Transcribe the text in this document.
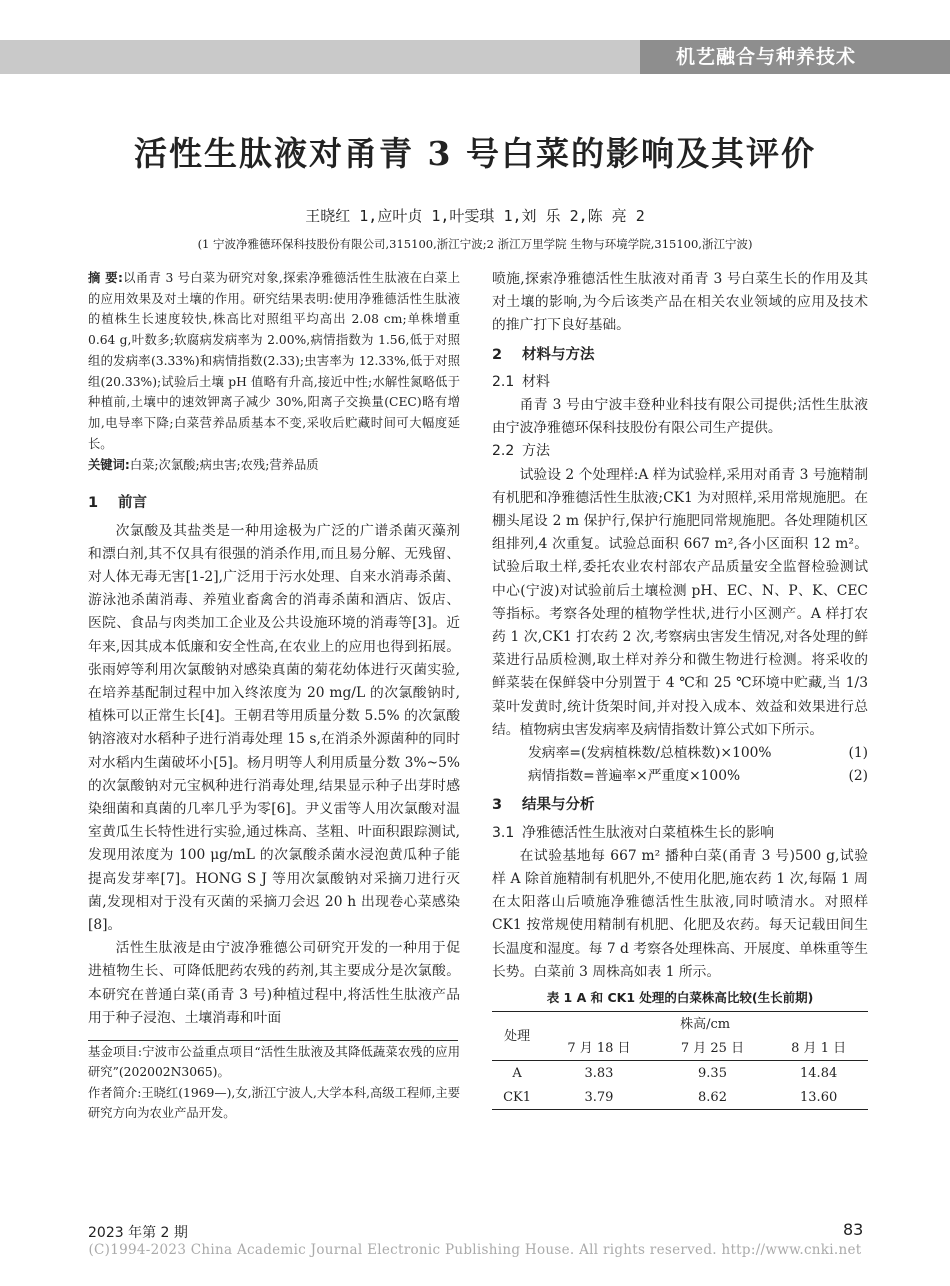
机艺融合与种养技术
活性生肽液对甬青 3 号白菜的影响及其评价
王晓红 1,应叶贞 1,叶雯琪 1,刘 乐 2,陈 亮 2
(1 宁波净雅德环保科技股份有限公司,315100,浙江宁波;2 浙江万里学院 生物与环境学院,315100,浙江宁波)

摘 要:以甬青 3 号白菜为研究对象,探索净雅德活性生肽液在白菜上的应用效果及对土壤的作用。研究结果表明:使用净雅德活性生肽液的植株生长速度较快,株高比对照组平均高出 2.08 cm;单株增重 0.64 g,叶数多;软腐病发病率为 2.00%,病情指数为 1.56,低于对照组的发病率(3.33%)和病情指数(2.33);虫害率为 12.33%,低于对照组(20.33%);试验后土壤 pH 值略有升高,接近中性;水解性氮略低于种植前,土壤中的速效钾离子减少 30%,阳离子交换量(CEC)略有增加,电导率下降;白菜营养品质基本不变,采收后贮藏时间可大幅度延长。

关键词:白菜;次氯酸;病虫害;农残;营养品质

1 前言

次氯酸及其盐类是一种用途极为广泛的广谱杀菌灭藻剂和漂白剂,其不仅具有很强的消杀作用,而且易分解、无残留、对人体无毒无害[1-2],广泛用于污水处理、自来水消毒杀菌、游泳池杀菌消毒、养殖业畜禽舍的消毒杀菌和酒店、饭店、医院、食品与肉类加工企业及公共设施环境的消毒等[3]。近年来,因其成本低廉和安全性高,在农业上的应用也得到拓展。张雨婷等利用次氯酸钠对感染真菌的菊花幼体进行灭菌实验,在培养基配制过程中加入终浓度为 20 mg/L 的次氯酸钠时,植株可以正常生长[4]。王朝君等用质量分数 5.5% 的次氯酸钠溶液对水稻种子进行消毒处理 15 s,在消杀外源菌种的同时对水稻内生菌破坏小[5]。杨月明等人利用质量分数 3%~5% 的次氯酸钠对元宝枫种进行消毒处理,结果显示种子出芽时感染细菌和真菌的几率几乎为零[6]。尹义雷等人用次氯酸对温室黄瓜生长特性进行实验,通过株高、茎粗、叶面积跟踪测试,发现用浓度为 100 μg/mL 的次氯酸杀菌水浸泡黄瓜种子能提高发芽率[7]。HONG S J 等用次氯酸钠对采摘刀进行灭菌,发现相对于没有灭菌的采摘刀会迟 20 h 出现卷心菜感染[8]。

活性生肽液是由宁波净雅德公司研究开发的一种用于促进植物生长、可降低肥药农残的药剂,其主要成分是次氯酸。本研究在普通白菜(甬青 3 号)种植过程中,将活性生肽液产品用于种子浸泡、土壤消毒和叶面

基金项目:宁波市公益重点项目“活性生肽液及其降低蔬菜农残的应用研究”(202002N3065)。

作者简介:王晓红(1969—),女,浙江宁波人,大学本科,高级工程师,主要研究方向为农业产品开发。

喷施,探索净雅德活性生肽液对甬青 3 号白菜生长的作用及其对土壤的影响,为今后该类产品在相关农业领域的应用及技术的推广打下良好基础。

2 材料与方法
2.1 材料

甬青 3 号由宁波丰登种业科技有限公司提供;活性生肽液由宁波净雅德环保科技股份有限公司生产提供。

2.2 方法

试验设 2 个处理样:A 样为试验样,采用对甬青 3 号施精制有机肥和净雅德活性生肽液;CK1 为对照样,采用常规施肥。在棚头尾设 2 m 保护行,保护行施肥同常规施肥。各处理随机区组排列,4 次重复。试验总面积 667 m²,各小区面积 12 m²。试验后取土样,委托农业农村部农产品质量安全监督检验测试中心(宁波)对试验前后土壤检测 pH、EC、N、P、K、CEC 等指标。考察各处理的植物学性状,进行小区测产。A 样打农药 1 次,CK1 打农药 2 次,考察病虫害发生情况,对各处理的鲜菜进行品质检测,取土样对养分和微生物进行检测。将采收的鲜菜装在保鲜袋中分别置于 4 ℃和 25 ℃环境中贮藏,当 1/3 菜叶发黄时,统计货架时间,并对投入成本、效益和效果进行总结。植物病虫害发病率及病情指数计算公式如下所示。

发病率=(发病植株数/总植株数)×100%	(1)
病情指数=普遍率×严重度×100%	(2)
3 结果与分析
3.1 净雅德活性生肽液对白菜植株生长的影响

在试验基地每 667 m² 播种白菜(甬青 3 号)500 g,试验样 A 除首施精制有机肥外,不使用化肥,施农药 1 次,每隔 1 周在太阳落山后喷施净雅德活性生肽液,同时喷清水。对照样 CK1 按常规使用精制有机肥、化肥及农药。每天记载田间生长温度和湿度。每 7 d 考察各处理株高、开展度、单株重等生长势。白菜前 3 周株高如表 1 所示。

表 1 A 和 CK1 处理的白菜株高比较(生长前期)
处理	株高/cm		
	7 月 18 日	7 月 25 日	8 月 1 日
A	3.83	9.35	14.84
CK1	3.79	8.62	13.60
2023 年第 2 期	83
(C)1994-2023 China Academic Journal Electronic Publishing House. All rights reserved. http://www.cnki.net
